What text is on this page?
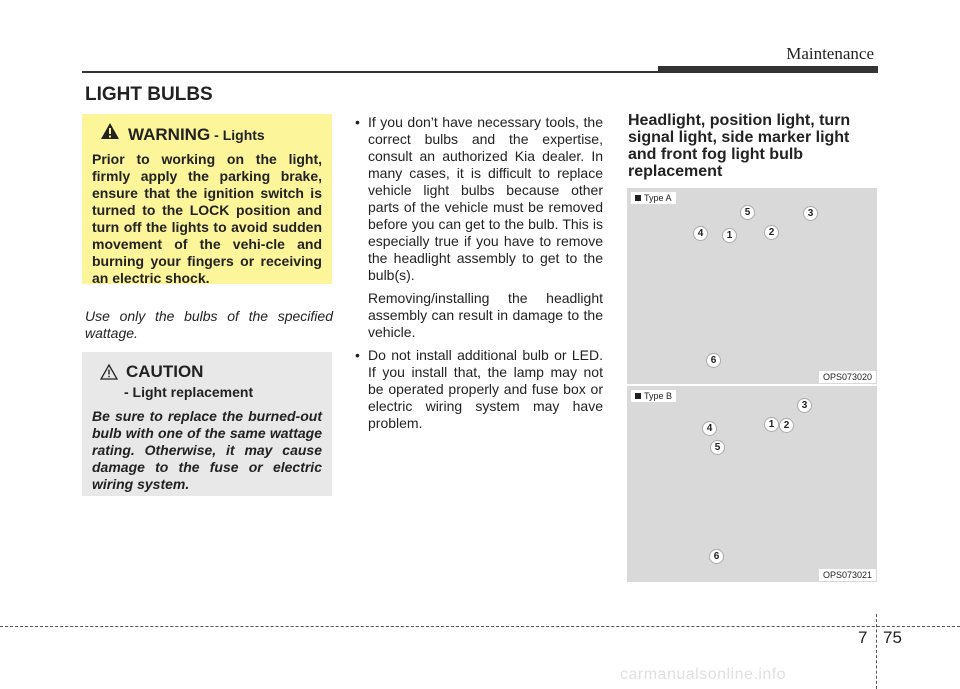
Maintenance
LIGHT BULBS
WARNING - Lights
Prior to working on the light, firmly apply the parking brake, ensure that the ignition switch is turned to the LOCK position and turn off the lights to avoid sudden movement of the vehi-cle and burning your fingers or receiving an electric shock.
Use only the bulbs of the specified wattage.
CAUTION
- Light replacement
Be sure to replace the burned-out bulb with one of the same wattage rating. Otherwise, it may cause damage to the fuse or electric wiring system.
• If you don’t have necessary tools, the correct bulbs and the expertise, consult an authorized Kia dealer. In many cases, it is difficult to replace vehicle light bulbs because other parts of the vehicle must be removed before you can get to the bulb. This is especially true if you have to remove the headlight assembly to get to the bulb(s).
Removing/installing the headlight assembly can result in damage to the vehicle.
• Do not install additional bulb or LED. If you install that, the lamp may not be operated properly and fuse box or electric wiring system may have problem.
Headlight, position light, turn signal light, side marker light and front fog light bulb replacement
Type A
5	3
4	1	2
6
OPS073020
Type B
3
4	1 2
5
6
OPS073021
7 75
carmanualsonline.info
